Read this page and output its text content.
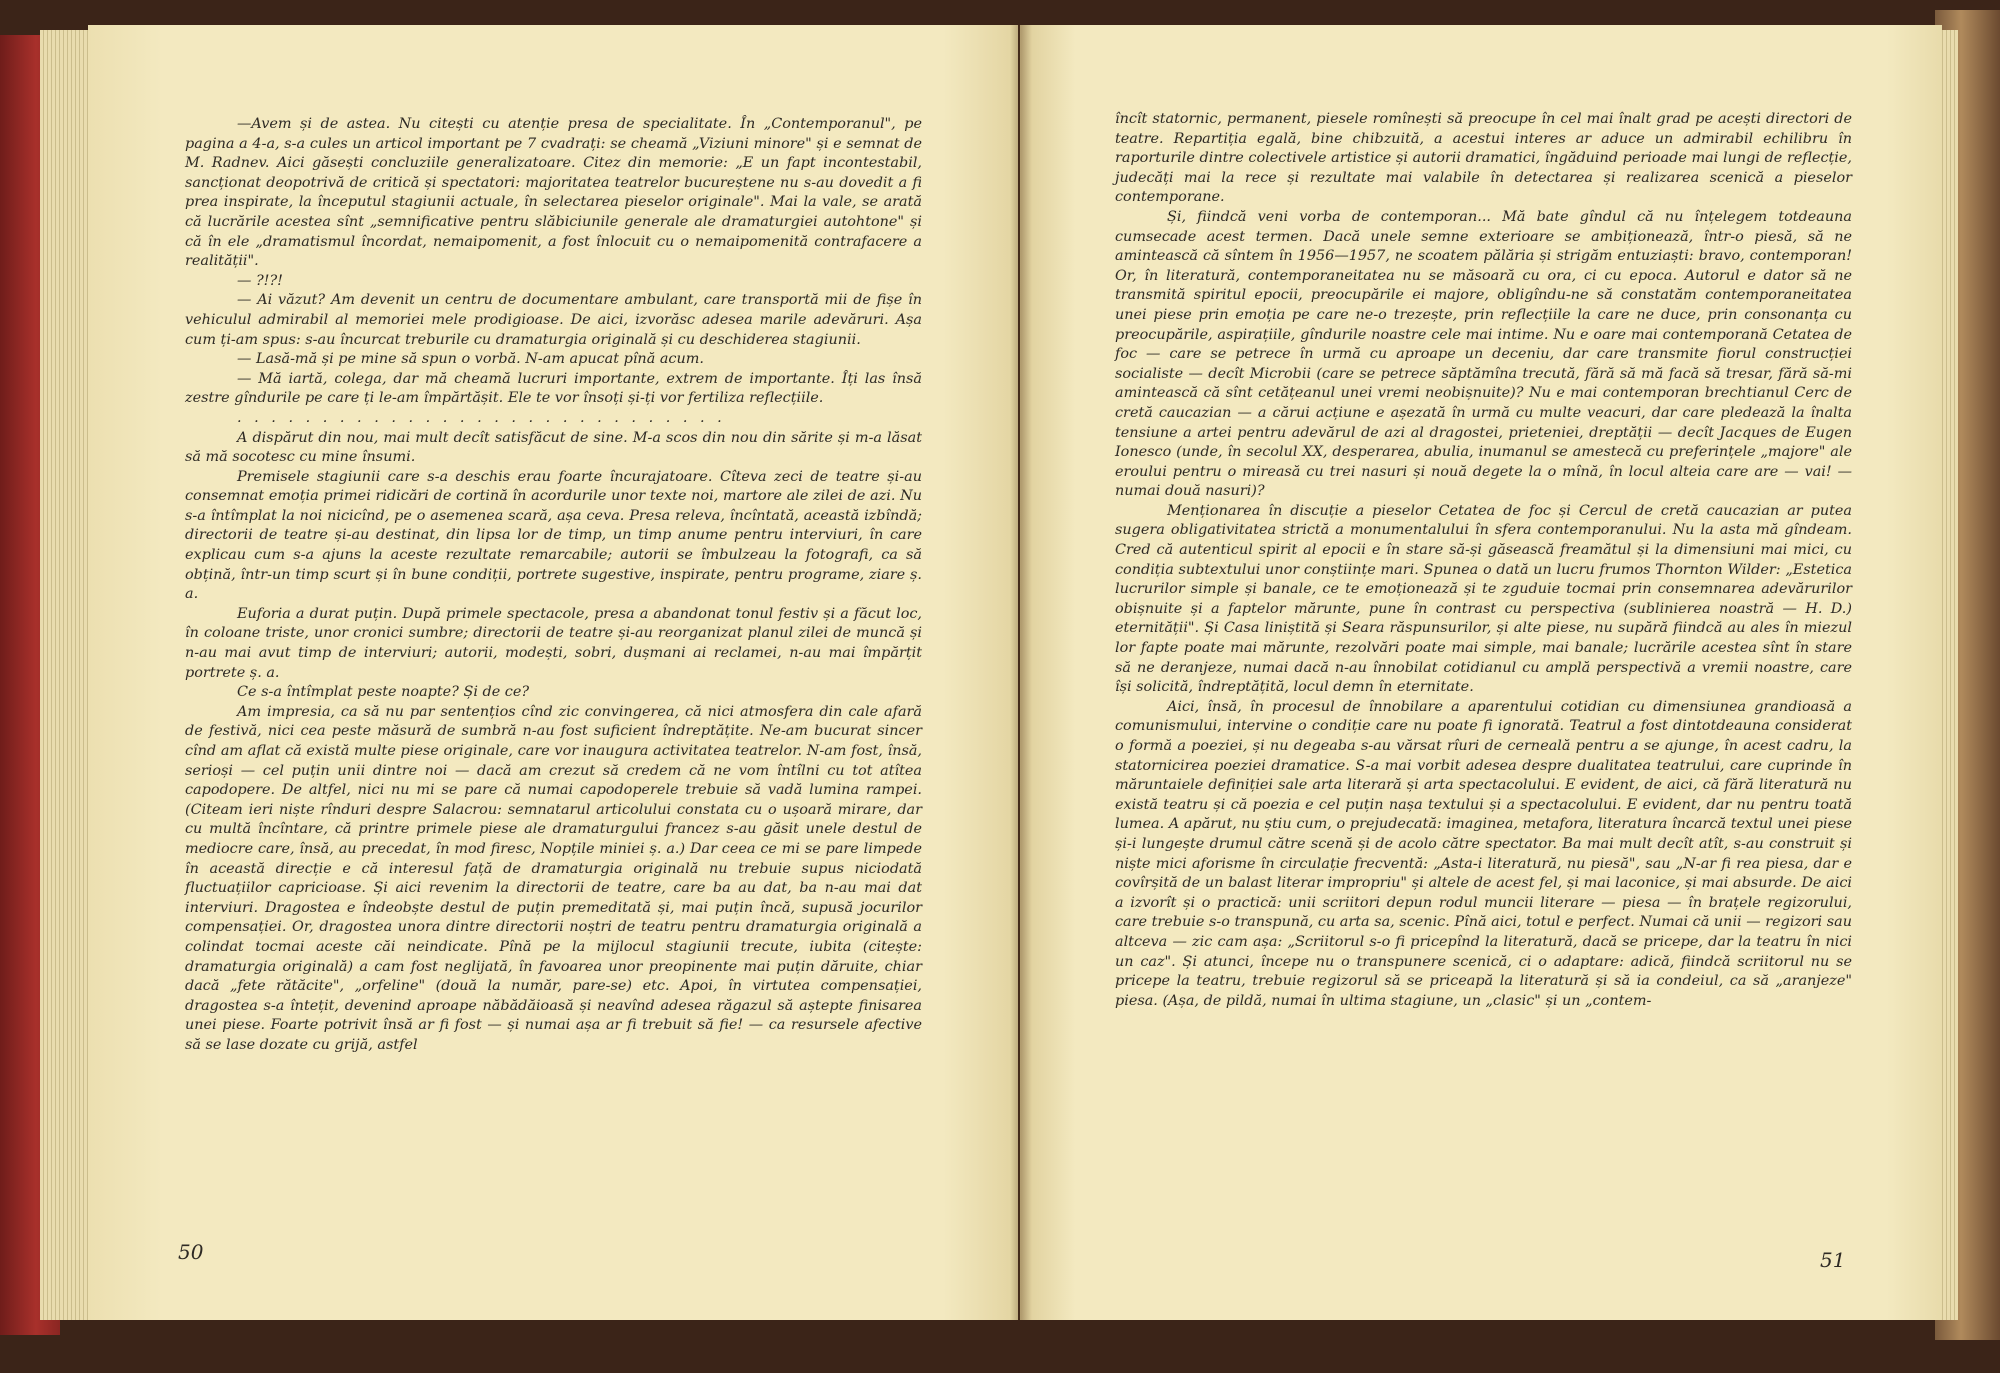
—Avem și de astea. Nu citești cu atenție presa de specialitate. În „Contemporanul", pe pagina a 4-a, s-a cules un articol important pe 7 cvadrați: se cheamă „Viziuni minore" și e semnat de M. Radnev. Aici găsești concluziile generalizatoare. Citez din memorie: „E un fapt incontestabil, sancționat deopotrivă de critică și spectatori: majoritatea teatrelor bucureștene nu s-au dovedit a fi prea inspirate, la începutul stagiunii actuale, în selectarea pieselor originale". Mai la vale, se arată că lucrările acestea sînt „semnificative pentru slăbiciunile generale ale dramaturgiei autohtone" și că în ele „dramatismul încordat, nemaipomenit, a fost înlocuit cu o nemaipomenită contrafacere a realității".

— ?!?!

— Ai văzut? Am devenit un centru de documentare ambulant, care transportă mii de fișe în vehiculul admirabil al memoriei mele prodigioase. De aici, izvorăsc adesea marile adevăruri. Așa cum ți-am spus: s-au încurcat treburile cu dramaturgia originală și cu deschiderea stagiunii.

— Lasă-mă și pe mine să spun o vorbă. N-am apucat pînă acum.

— Mă iartă, colega, dar mă cheamă lucruri importante, extrem de importante. Îți las însă zestre gîndurile pe care ți le-am împărtășit. Ele te vor însoți și-ți vor fertiliza reflecțiile.

. . . . . . . . . . . . . . . . . . . . . . . . . . . . .

A dispărut din nou, mai mult decît satisfăcut de sine. M-a scos din nou din sărite și m-a lăsat să mă socotesc cu mine însumi.

Premisele stagiunii care s-a deschis erau foarte încurajatoare. Cîteva zeci de teatre și-au consemnat emoția primei ridicări de cortină în acordurile unor texte noi, martore ale zilei de azi. Nu s-a întîmplat la noi nicicînd, pe o asemenea scară, așa ceva. Presa releva, încîntată, această izbîndă; directorii de teatre și-au destinat, din lipsa lor de timp, un timp anume pentru interviuri, în care explicau cum s-a ajuns la aceste rezultate remarcabile; autorii se îmbulzeau la fotografi, ca să obțină, într-un timp scurt și în bune condiții, portrete sugestive, inspirate, pentru programe, ziare ș. a.

Euforia a durat puțin. După primele spectacole, presa a abandonat tonul festiv și a făcut loc, în coloane triste, unor cronici sumbre; directorii de teatre și-au reorganizat planul zilei de muncă și n-au mai avut timp de interviuri; autorii, modești, sobri, dușmani ai reclamei, n-au mai împărțit portrete ș. a.

Ce s-a întîmplat peste noapte? Și de ce?

Am impresia, ca să nu par sentențios cînd zic convingerea, că nici atmosfera din cale afară de festivă, nici cea peste măsură de sumbră n-au fost suficient îndreptățite. Ne-am bucurat sincer cînd am aflat că există multe piese originale, care vor inaugura activitatea teatrelor. N-am fost, însă, serioși — cel puțin unii dintre noi — dacă am crezut să credem că ne vom întîlni cu tot atîtea capodopere. De altfel, nici nu mi se pare că numai capodoperele trebuie să vadă lumina rampei. (Citeam ieri niște rînduri despre Salacrou: semnatarul articolului constata cu o ușoară mirare, dar cu multă încîntare, că printre primele piese ale dramaturgului francez s-au găsit unele destul de mediocre care, însă, au precedat, în mod firesc, Nopțile miniei ș. a.) Dar ceea ce mi se pare limpede în această direcție e că interesul față de dramaturgia originală nu trebuie supus niciodată fluctuațiilor capricioase. Și aici revenim la directorii de teatre, care ba au dat, ba n-au mai dat interviuri. Dragostea e îndeobște destul de puțin premeditată și, mai puțin încă, supusă jocurilor compensației. Or, dragostea unora dintre directorii noștri de teatru pentru dramaturgia originală a colindat tocmai aceste căi neindicate. Pînă pe la mijlocul stagiunii trecute, iubita (citește: dramaturgia originală) a cam fost neglijată, în favoarea unor preopinente mai puțin dăruite, chiar dacă „fete rătăcite", „orfeline" (două la număr, pare-se) etc. Apoi, în virtutea compensației, dragostea s-a întețit, devenind aproape năbădăioasă și neavînd adesea răgazul să aștepte finisarea unei piese. Foarte potrivit însă ar fi fost — și numai așa ar fi trebuit să fie! — ca resursele afective să se lase dozate cu grijă, astfel

încît statornic, permanent, piesele romînești să preocupe în cel mai înalt grad pe acești directori de teatre. Repartiția egală, bine chibzuită, a acestui interes ar aduce un admirabil echilibru în raporturile dintre colectivele artistice și autorii dramatici, îngăduind perioade mai lungi de reflecție, judecăți mai la rece și rezultate mai valabile în detectarea și realizarea scenică a pieselor contemporane.

Și, fiindcă veni vorba de contemporan... Mă bate gîndul că nu înțelegem totdeauna cumsecade acest termen. Dacă unele semne exterioare se ambiționează, într-o piesă, să ne amintească că sîntem în 1956—1957, ne scoatem pălăria și strigăm entuziaști: bravo, contemporan! Or, în literatură, contemporaneitatea nu se măsoară cu ora, ci cu epoca. Autorul e dator să ne transmită spiritul epocii, preocupările ei majore, obligîndu-ne să constatăm contemporaneitatea unei piese prin emoția pe care ne-o trezește, prin reflecțiile la care ne duce, prin consonanța cu preocupările, aspirațiile, gîndurile noastre cele mai intime. Nu e oare mai contemporană Cetatea de foc — care se petrece în urmă cu aproape un deceniu, dar care transmite fiorul construcției socialiste — decît Microbii (care se petrece săptămîna trecută, fără să mă facă să tresar, fără să-mi amintească că sînt cetățeanul unei vremi neobișnuite)? Nu e mai contemporan brechtianul Cerc de cretă caucazian — a cărui acțiune e așezată în urmă cu multe veacuri, dar care pledează la înalta tensiune a artei pentru adevărul de azi al dragostei, prieteniei, dreptății — decît Jacques de Eugen Ionesco (unde, în secolul XX, desperarea, abulia, inumanul se amestecă cu preferințele „majore" ale eroului pentru o mireasă cu trei nasuri și nouă degete la o mînă, în locul alteia care are — vai! — numai două nasuri)?

Menționarea în discuție a pieselor Cetatea de foc și Cercul de cretă caucazian ar putea sugera obligativitatea strictă a monumentalului în sfera contemporanului. Nu la asta mă gîndeam. Cred că autenticul spirit al epocii e în stare să-și găsească freamătul și la dimensiuni mai mici, cu condiția subtextului unor conștiințe mari. Spunea o dată un lucru frumos Thornton Wilder: „Estetica lucrurilor simple și banale, ce te emoționează și te zguduie tocmai prin consemnarea adevărurilor obișnuite și a faptelor mărunte, pune în contrast cu perspectiva (sublinierea noastră — H. D.) eternității". Și Casa liniștită și Seara răspunsurilor, și alte piese, nu supără fiindcă au ales în miezul lor fapte poate mai mărunte, rezolvări poate mai simple, mai banale; lucrările acestea sînt în stare să ne deranjeze, numai dacă n-au înnobilat cotidianul cu amplă perspectivă a vremii noastre, care își solicită, îndreptățită, locul demn în eternitate.

Aici, însă, în procesul de înnobilare a aparentului cotidian cu dimensiunea grandioasă a comunismului, intervine o condiție care nu poate fi ignorată. Teatrul a fost dintotdeauna considerat o formă a poeziei, și nu degeaba s-au vărsat rîuri de cerneală pentru a se ajunge, în acest cadru, la statornicirea poeziei dramatice. S-a mai vorbit adesea despre dualitatea teatrului, care cuprinde în măruntaiele definiției sale arta literară și arta spectacolului. E evident, de aici, că fără literatură nu există teatru și că poezia e cel puțin nașa textului și a spectacolului. E evident, dar nu pentru toată lumea. A apărut, nu știu cum, o prejudecată: imaginea, metafora, literatura încarcă textul unei piese și-i lungește drumul către scenă și de acolo către spectator. Ba mai mult decît atît, s-au construit și niște mici aforisme în circulație frecventă: „Asta-i literatură, nu piesă", sau „N-ar fi rea piesa, dar e covîrșită de un balast literar impropriu" și altele de acest fel, și mai laconice, și mai absurde. De aici a izvorît și o practică: unii scriitori depun rodul muncii literare — piesa — în brațele regizorului, care trebuie s-o transpună, cu arta sa, scenic. Pînă aici, totul e perfect. Numai că unii — regizori sau altceva — zic cam așa: „Scriitorul s-o fi pricepînd la literatură, dacă se pricepe, dar la teatru în nici un caz". Și atunci, începe nu o transpunere scenică, ci o adaptare: adică, fiindcă scriitorul nu se pricepe la teatru, trebuie regizorul să se priceapă la literatură și să ia condeiul, ca să „aranjeze" piesa. (Așa, de pildă, numai în ultima stagiune, un „clasic" și un „contem-

50	51
